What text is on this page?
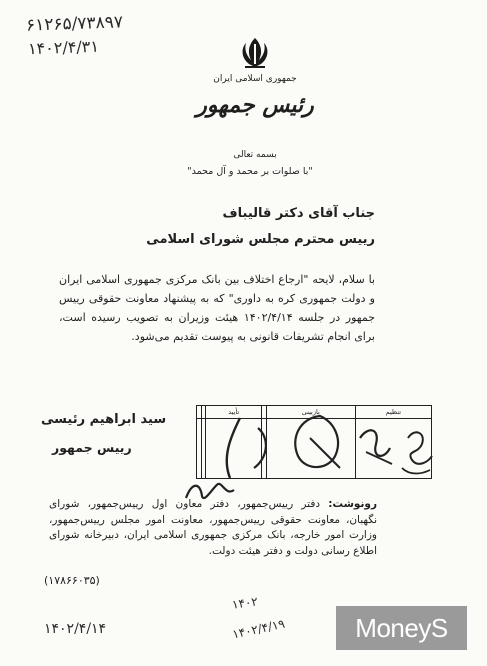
۶۱۲۶۵/۷۳۸۹۷
۱۴۰۲/۴/۳۱
جمهوری اسلامی ایران
رئیس جمهور
بسمه تعالی
"با صلوات بر محمد و آل محمد"
جناب آقای دکتر قالیباف
رییس محترم مجلس شورای اسلامی
با سلام، لایحه "ارجاع اختلاف بین بانک مرکزی جمهوری اسلامی ایران و دولت جمهوری کره به داوری" که به پیشنهاد معاونت حقوقی رییس جمهور در جلسه ۱۴۰۲/۴/۱۴ هیئت وزیران به تصویب رسیده است، برای انجام تشریفات قانونی به پیوست تقدیم می‌شود.
سید ابراهیم رئیسی
رییس جمهور
تنظیم	بازبینی		تأیید		

رونوشت: دفتر رییس‌جمهور، دفتر معاون اول رییس‌جمهور، شورای نگهبان، معاونت حقوقی رییس‌جمهور، معاونت امور مجلس رییس‌جمهور، وزارت امور خارجه، بانک مرکزی جمهوری اسلامی ایران، دبیرخانه شورای اطلاع رسانی دولت و دفتر هیئت دولت.
(۱۷۸۶۶۰۳۵)
۱۴۰۲/۴/۱۴
۱۴۰۲
۱۴۰۲/۴/۱۹	MoneyS
